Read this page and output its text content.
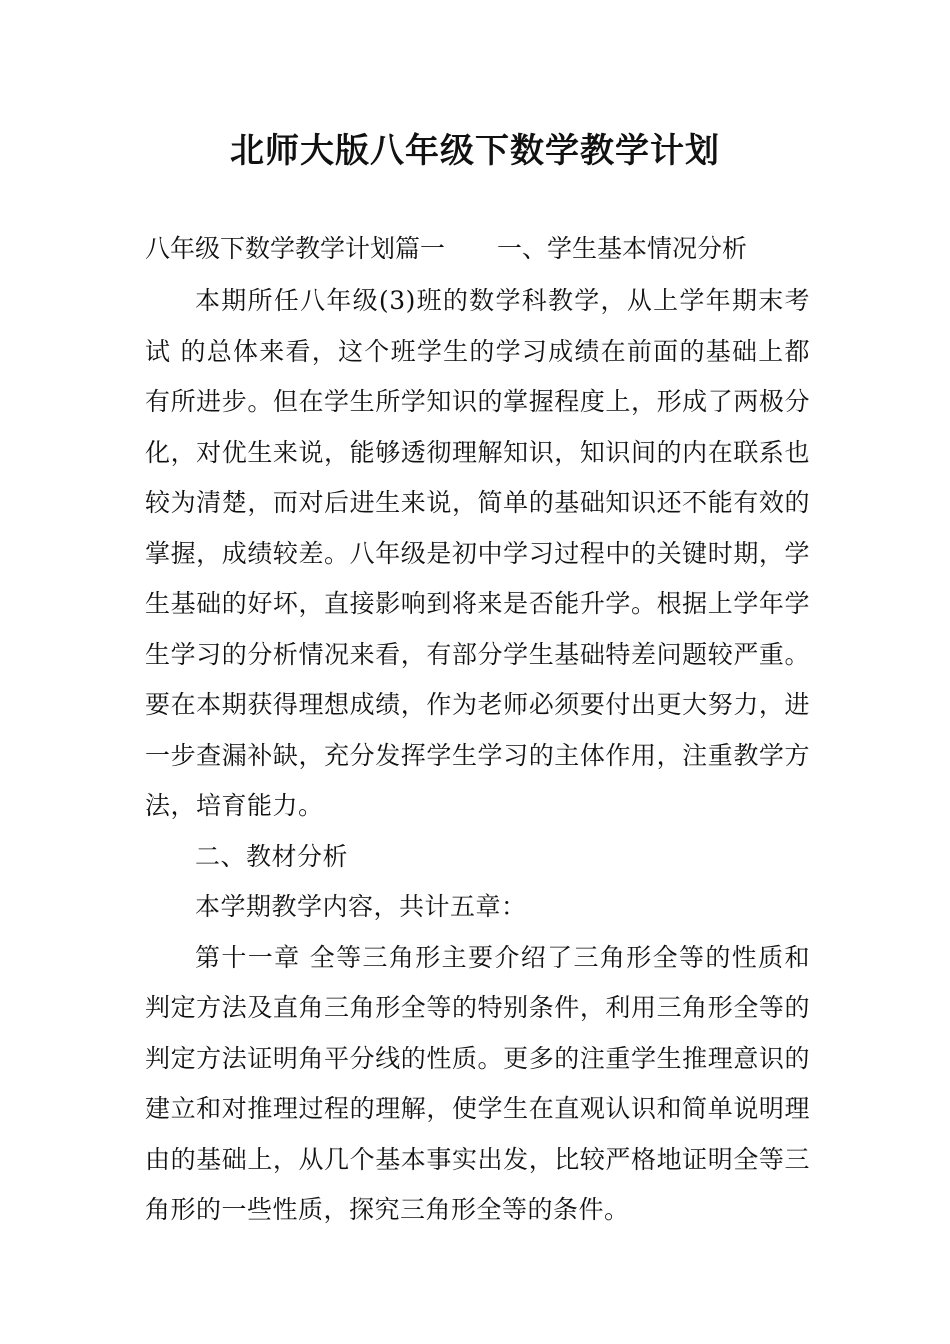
北师大版八年级下数学教学计划
八年级下数学教学计划篇一 一、学生基本情况分析

本期所任八年级(3)班的数学科教学，从上学年期末考试 的总体来看，这个班学生的学习成绩在前面的基础上都有所进步。但在学生所学知识的掌握程度上，形成了两极分化，对优生来说，能够透彻理解知识，知识间的内在联系也较为清楚，而对后进生来说，简单的基础知识还不能有效的掌握，成绩较差。八年级是初中学习过程中的关键时期，学生基础的好坏，直接影响到将来是否能升学。根据上学年学生学习的分析情况来看，有部分学生基础特差问题较严重。要在本期获得理想成绩，作为老师必须要付出更大努力，进一步查漏补缺，充分发挥学生学习的主体作用，注重教学方法，培育能力。

二、教材分析

本学期教学内容，共计五章：

第十一章 全等三角形主要介绍了三角形全等的性质和判定方法及直角三角形全等的特别条件，利用三角形全等的判定方法证明角平分线的性质。更多的注重学生推理意识的建立和对推理过程的理解，使学生在直观认识和简单说明理由的基础上，从几个基本事实出发，比较严格地证明全等三角形的一些性质，探究三角形全等的条件。
